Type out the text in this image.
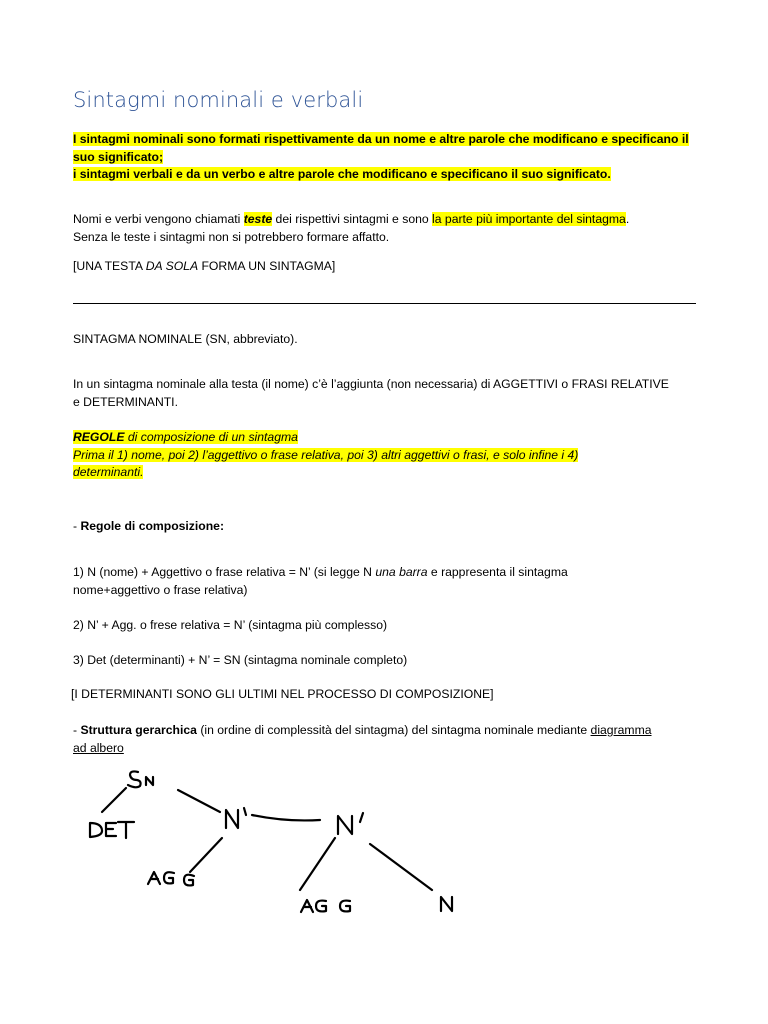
Sintagmi nominali e verbali
I sintagmi nominali sono formati rispettivamente da un nome e altre parole che modificano e specificano il
suo significato;
i sintagmi verbali e da un verbo e altre parole che modificano e specificano il suo significato.
Nomi e verbi vengono chiamati teste dei rispettivi sintagmi e sono la parte più importante del sintagma.
Senza le teste i sintagmi non si potrebbero formare affatto.
[UNA TESTA DA SOLA FORMA UN SINTAGMA]
SINTAGMA NOMINALE (SN, abbreviato).
In un sintagma nominale alla testa (il nome) c’è l’aggiunta (non necessaria) di AGGETTIVI o FRASI RELATIVE
e DETERMINANTI.
REGOLE di composizione di un sintagma
Prima il 1) nome, poi 2) l’aggettivo o frase relativa, poi 3) altri aggettivi o frasi, e solo infine i 4)
determinanti.
- Regole di composizione:
1) N (nome) + Aggettivo o frase relativa = N’ (si legge N una barra e rappresenta il sintagma
nome+aggettivo o frase relativa)
2) N’ + Agg. o frese relativa = N’ (sintagma più complesso)
3) Det (determinanti) + N’ = SN (sintagma nominale completo)
[I DETERMINANTI SONO GLI ULTIMI NEL PROCESSO DI COMPOSIZIONE]
- Struttura gerarchica (in ordine di complessità del sintagma) del sintagma nominale mediante diagramma
ad albero
